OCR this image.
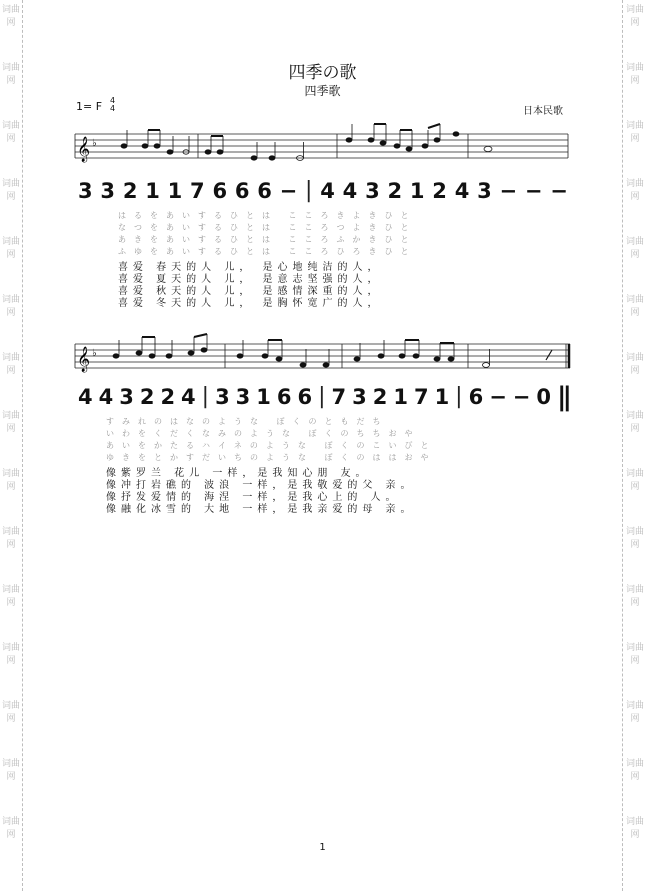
词曲网
词曲网
词曲网
词曲网
词曲网
词曲网
词曲网
词曲网
词曲网
词曲网
词曲网
词曲网
词曲网
词曲网
词曲网
词曲网
词曲网
词曲网
词曲网
词曲网
词曲网
词曲网
词曲网
词曲网
词曲网
词曲网
词曲网
词曲网
词曲网
词曲网
四季の歌
四季歌
1= F 4
4	日本民歌
𝄞 ♭
3 3 2 1 1 7 6 6 6 − | 4 4 3 2 1 2 4 3 − − −
はるをあいするひとは こころきよきひと
なつをあいするひとは こころつよきひと
あきをあいするひとは こころふかきひと
ふゆをあいするひとは こころひろきひと
喜爱 春天的人 儿， 是心地纯洁的人，
喜爱 夏天的人 儿， 是意志坚强的人，
喜爱 秋天的人 儿， 是感情深重的人，
喜爱 冬天的人 儿， 是胸怀宽广的人，
𝄞 ♭
4 4 3 2 2 4 | 3 3 1 6 6 | 7 3 2 1 7 1 | 6 − − 0 ||
すみれのはなのような ぼくのともだち
いわをくだくなみのような ぼくのちちおや
あいをかたるハイネのような ぼくのこいびと
ゆきをとかすだいちのような ぼくのははおや
像紫罗兰 花儿 一样，是我知心朋 友。
像冲打岩礁的 波浪 一样，是我敬爱的父 亲。
像抒发爱情的 海涅 一样，是我心上的 人。
像融化冰雪的 大地 一样，是我亲爱的母 亲。
1
